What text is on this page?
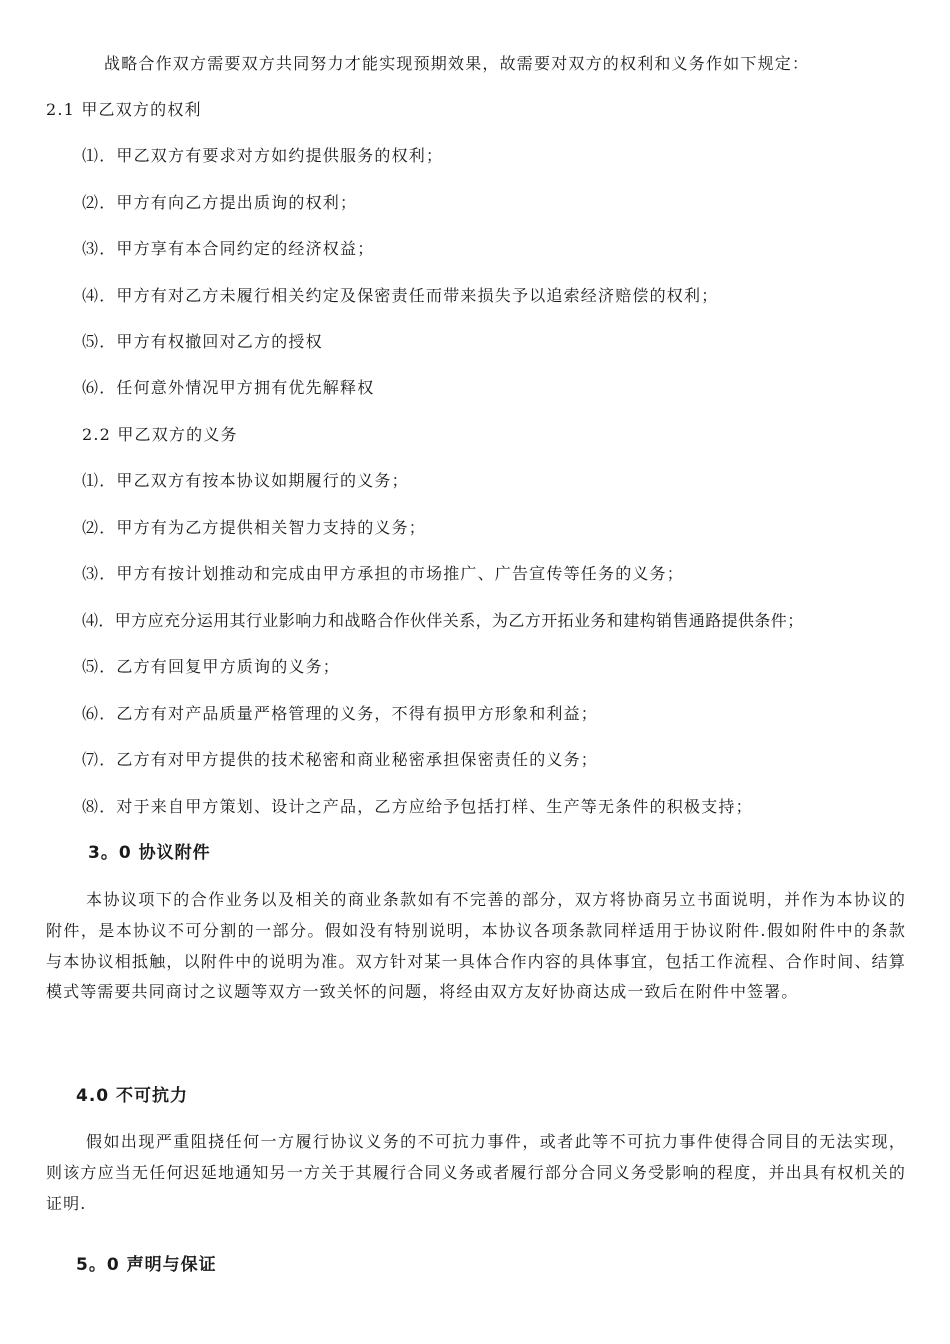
战略合作双方需要双方共同努力才能实现预期效果，故需要对双方的权利和义务作如下规定：
2.1 甲乙双方的权利
⑴．甲乙双方有要求对方如约提供服务的权利；
⑵．甲方有向乙方提出质询的权利；
⑶．甲方享有本合同约定的经济权益；
⑷．甲方有对乙方未履行相关约定及保密责任而带来损失予以追索经济赔偿的权利；
⑸．甲方有权撤回对乙方的授权
⑹．任何意外情况甲方拥有优先解释权
2.2 甲乙双方的义务
⑴．甲乙双方有按本协议如期履行的义务；
⑵．甲方有为乙方提供相关智力支持的义务；
⑶．甲方有按计划推动和完成由甲方承担的市场推广、广告宣传等任务的义务；
⑷．甲方应充分运用其行业影响力和战略合作伙伴关系，为乙方开拓业务和建构销售通路提供条件；
⑸．乙方有回复甲方质询的义务；
⑹．乙方有对产品质量严格管理的义务，不得有损甲方形象和利益；
⑺．乙方有对甲方提供的技术秘密和商业秘密承担保密责任的义务；
⑻．对于来自甲方策划、设计之产品，乙方应给予包括打样、生产等无条件的积极支持；
3。0 协议附件
本协议项下的合作业务以及相关的商业条款如有不完善的部分，双方将协商另立书面说明，并作为本协议的附件，是本协议不可分割的一部分。假如没有特别说明，本协议各项条款同样适用于协议附件.假如附件中的条款与本协议相抵触，以附件中的说明为准。双方针对某一具体合作内容的具体事宜，包括工作流程、合作时间、结算模式等需要共同商讨之议题等双方一致关怀的问题，将经由双方友好协商达成一致后在附件中签署。
4.0 不可抗力
假如出现严重阻挠任何一方履行协议义务的不可抗力事件，或者此等不可抗力事件使得合同目的无法实现，则该方应当无任何迟延地通知另一方关于其履行合同义务或者履行部分合同义务受影响的程度，并出具有权机关的证明.
5。0 声明与保证
